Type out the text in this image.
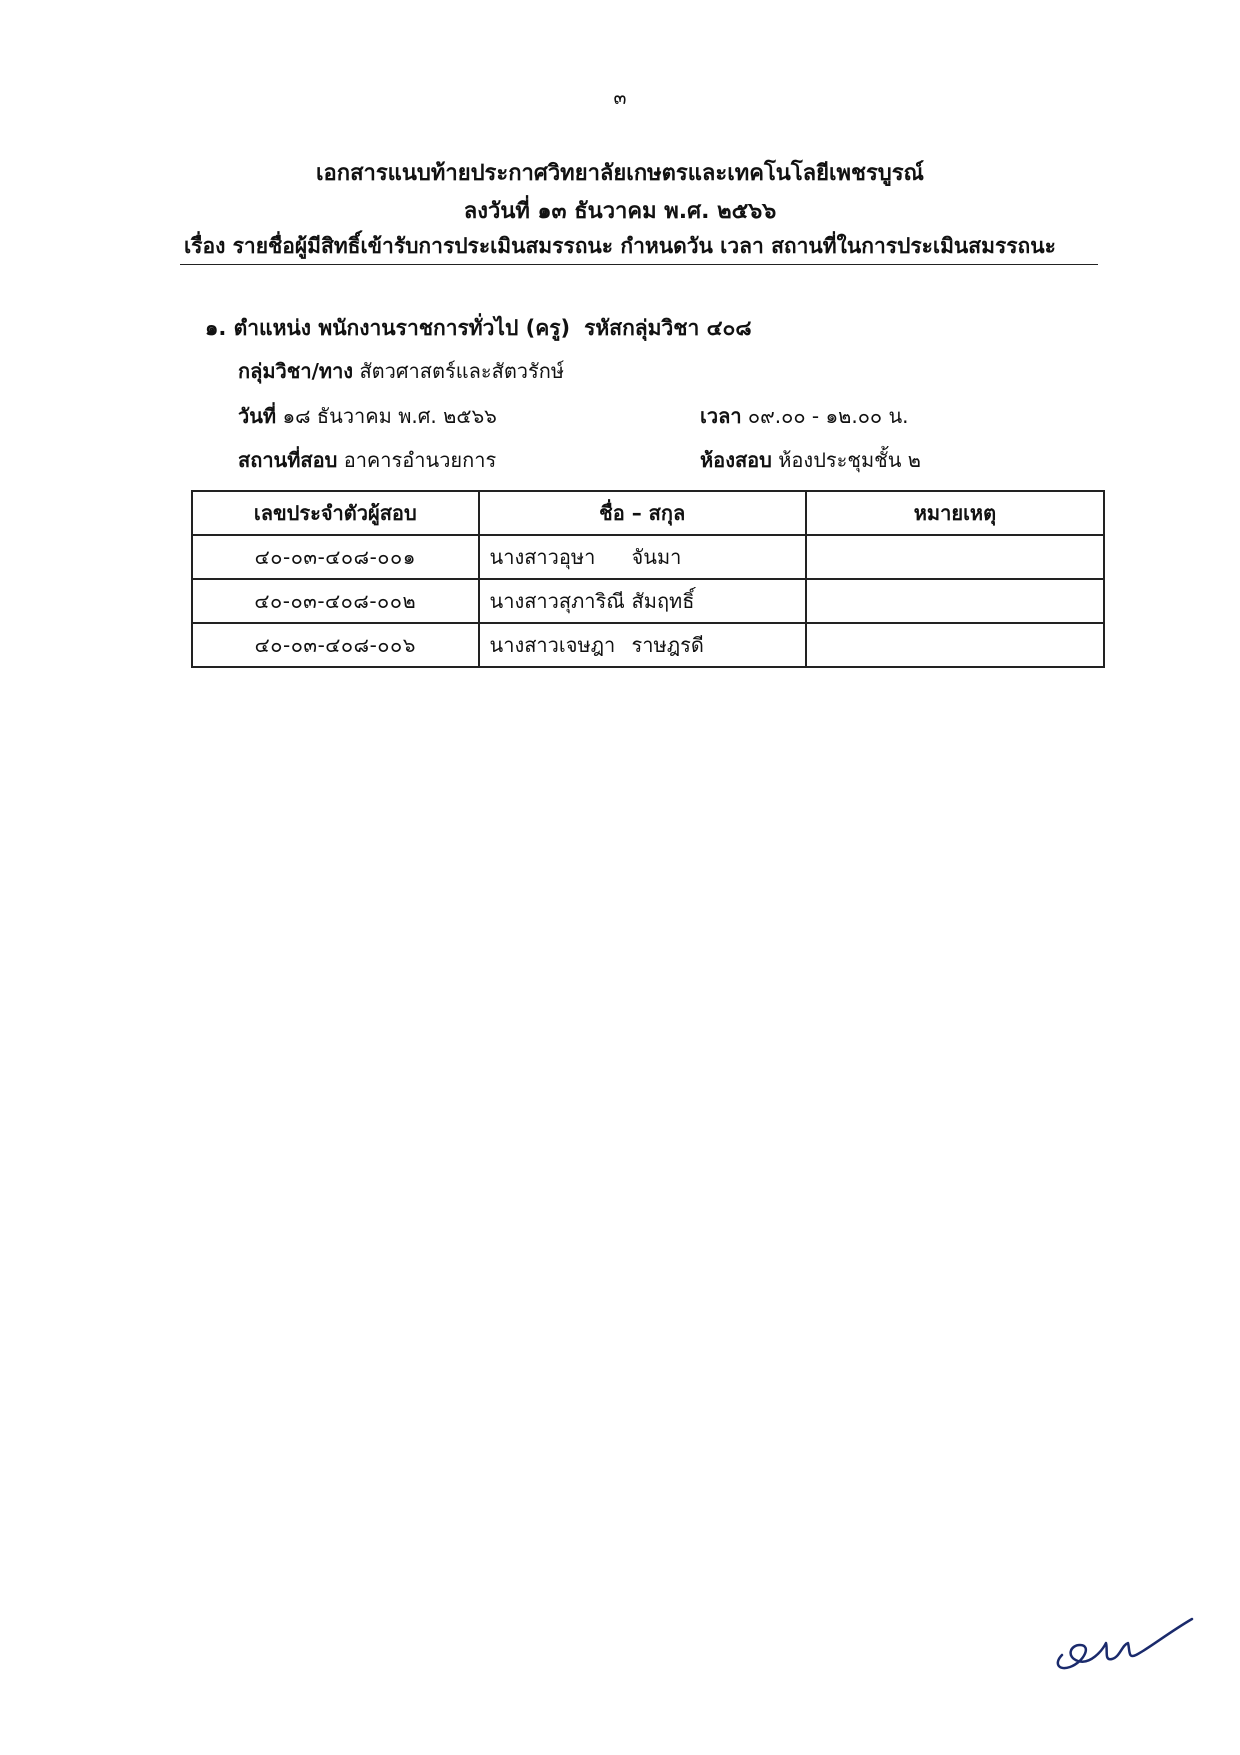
๓
เอกสารแนบท้ายประกาศวิทยาลัยเกษตรและเทคโนโลยีเพชรบูรณ์
ลงวันที่ ๑๓ ธันวาคม พ.ศ. ๒๕๖๖
เรื่อง รายชื่อผู้มีสิทธิ์เข้ารับการประเมินสมรรถนะ กำหนดวัน เวลา สถานที่ในการประเมินสมรรถนะ
๑. ตำแหน่ง พนักงานราชการทั่วไป (ครู) รหัสกลุ่มวิชา ๔๐๘
กลุ่มวิชา/ทาง สัตวศาสตร์และสัตวรักษ์
วันที่ ๑๘ ธันวาคม พ.ศ. ๒๕๖๖	เวลา ๐๙.๐๐ - ๑๒.๐๐ น.
สถานที่สอบ อาคารอำนวยการ	ห้องสอบ ห้องประชุมชั้น ๒
เลขประจำตัวผู้สอบ	ชื่อ – สกุล	หมายเหตุ
๔๐-๐๓-๔๐๘-๐๐๑	นางสาวอุษา จันมา	
๔๐-๐๓-๔๐๘-๐๐๒	นางสาวสุภาริณี สัมฤทธิ์	
๔๐-๐๓-๔๐๘-๐๐๖	นางสาวเจษฎา ราษฎรดี	
